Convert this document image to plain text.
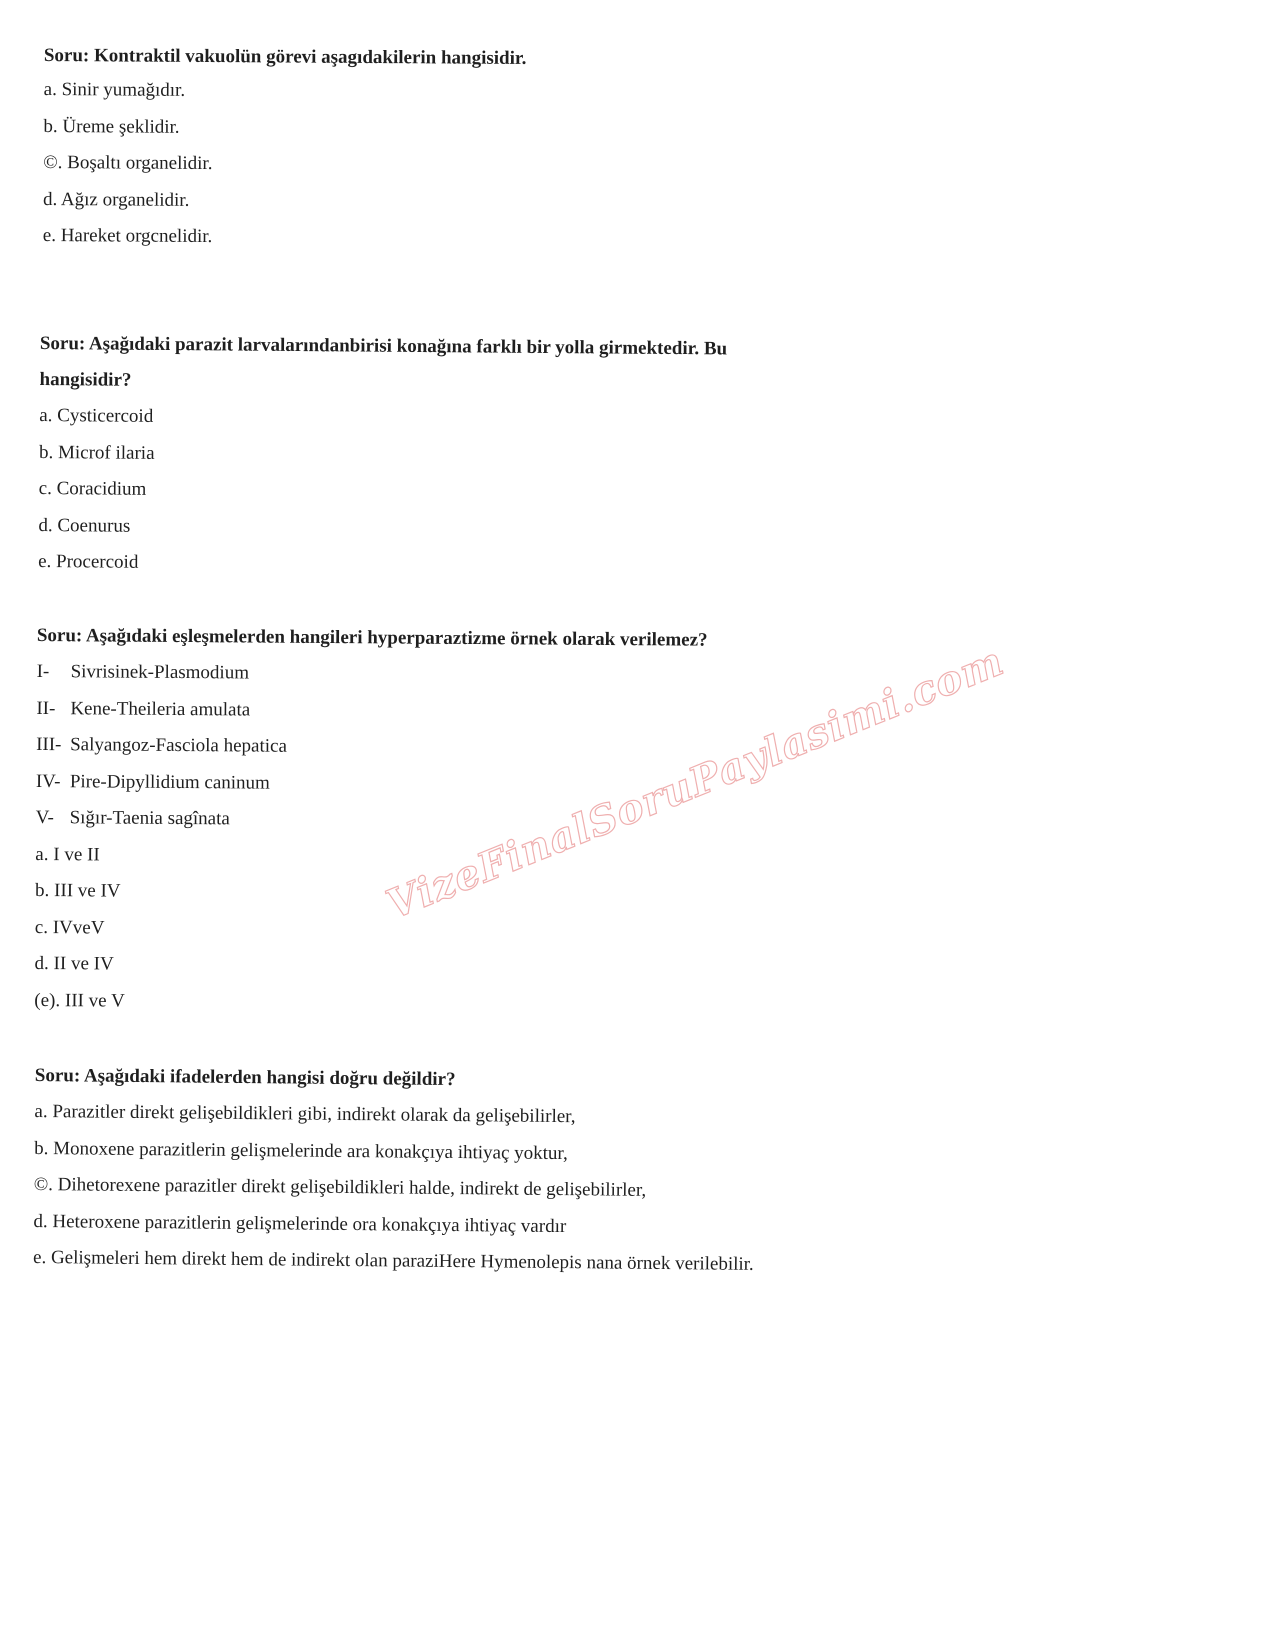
Soru: Kontraktil vakuolün görevi aşagıdakilerin hangisidir.

a. Sinir yumağıdır.

b. Üreme şeklidir.

©. Boşaltı organelidir.

d. Ağız organelidir.

e. Hareket orgcnelidir.

Soru: Aşağıdaki parazit larvalarındanbirisi konağına farklı bir yolla girmektedir. Bu hangisidir?

a. Cysticercoid

b. Microf ilaria

c. Coracidium

d. Coenurus

e. Procercoid

Soru: Aşağıdaki eşleşmelerden hangileri hyperparaztizme örnek olarak verilemez?

I- Sivrisinek-Plasmodium

II- Kene-Theileria amulata

III- Salyangoz-Fasciola hepatica

IV- Pire-Dipyllidium caninum

V- Sığır-Taenia sagînata

a. I ve II

b. III ve IV

c. IVveV

d. II ve IV

(e). III ve V

Soru: Aşağıdaki ifadelerden hangisi doğru değildir?

a. Parazitler direkt gelişebildikleri gibi, indirekt olarak da gelişebilirler,

b. Monoxene parazitlerin gelişmelerinde ara konakçıya ihtiyaç yoktur,

©. Dihetorexene parazitler direkt gelişebildikleri halde, indirekt de gelişebilirler,

d. Heteroxene parazitlerin gelişmelerinde ora konakçıya ihtiyaç vardır

e. Gelişmeleri hem direkt hem de indirekt olan paraziHere Hymenolepis nana örnek verilebilir.

VizeFinalSoruPaylasimi.com
